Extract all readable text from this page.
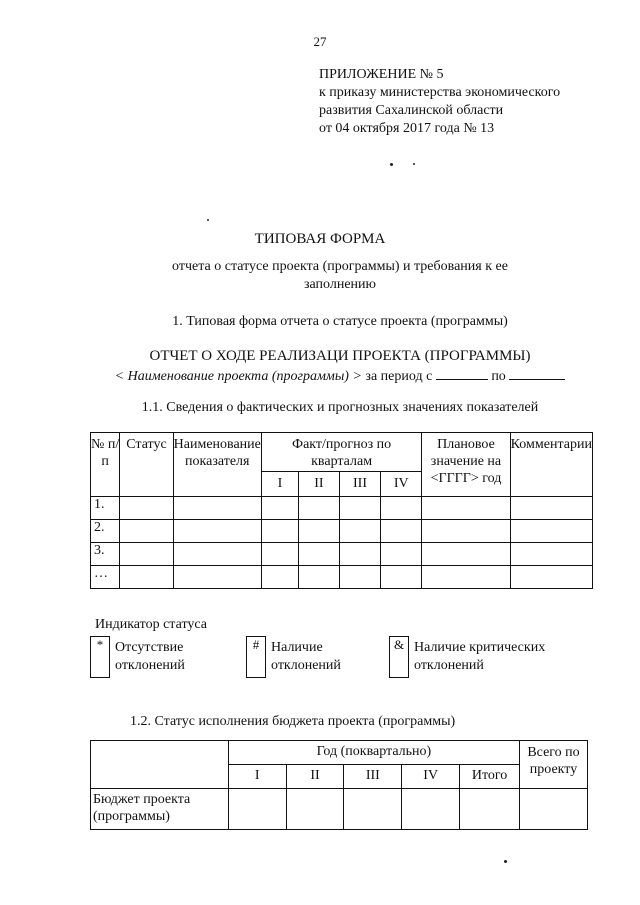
27
ПРИЛОЖЕНИЕ № 5
к приказу министерства экономического
развития Сахалинской области
от 04 октября 2017 года № 13
ТИПОВАЯ ФОРМА
отчета о статусе проекта (программы) и требования к ее
заполнению
1. Типовая форма отчета о статусе проекта (программы)
ОТЧЕТ О ХОДЕ РЕАЛИЗАЦИ ПРОЕКТА (ПРОГРАММЫ)
< Наименование проекта (программы) > за период с	по
1.1. Сведения о фактических и прогнозных значениях показателей
№ п/п	Статус	Наименование показателя	Факт/прогноз по кварталам				Плановое значение на <ГГГГ> год	Комментарии
			I	II	III	IV		
1.								
2.								
3.								
…								
Индикатор статуса
* Отсутствие отклонений
# Наличие отклонений
& Наличие критических отклонений
1.2. Статус исполнения бюджета проекта (программы)
	Год (поквартально)					Всего по проекту
	I	II	III	IV	Итого	
Бюджет проекта (программы)						
